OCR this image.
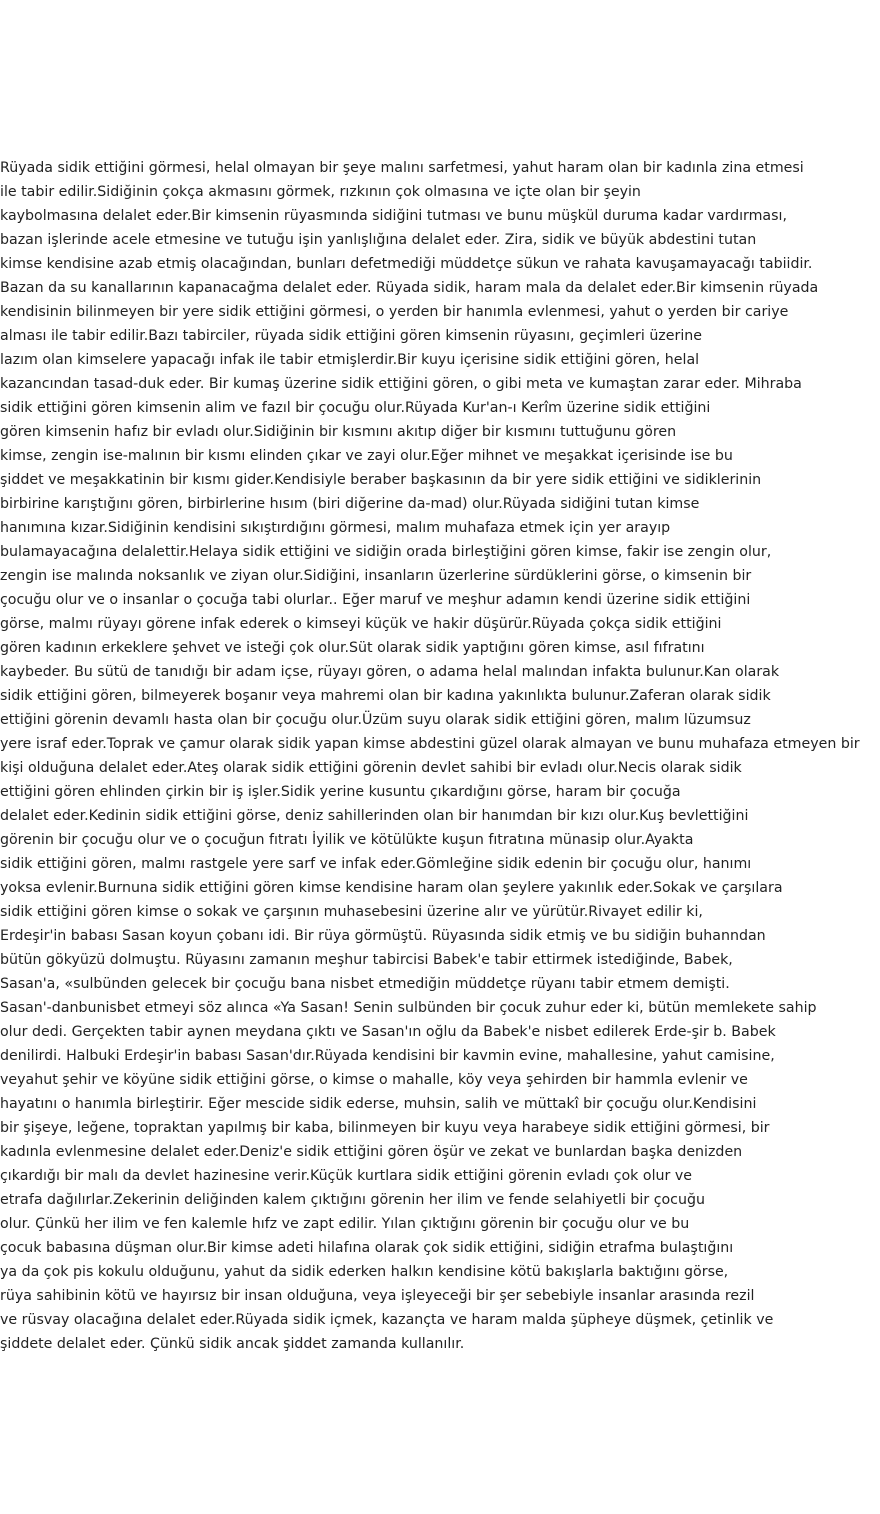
Rüyada sidik ettiğini görmesi, helal olmayan bir şeye malını sarfetmesi, yahut haram olan bir kadınla zina etmesi
ile tabir edilir.Sidiğinin çokça akmasını görmek, rızkının çok olmasına ve içte olan bir şeyin
kaybolmasına delalet eder.Bir kimsenin rüyasmında sidiğini tutması ve bunu müşkül duruma kadar vardırması,
bazan işlerinde acele etmesine ve tutuğu işin yanlışlığına delalet eder. Zira, sidik ve büyük abdestini tutan
kimse kendisine azab etmiş olacağından, bunları defetmediği müddetçe sükun ve rahata kavuşamayacağı tabiidir.
Bazan da su kanallarının kapanacağma delalet eder. Rüyada sidik, haram mala da delalet eder.Bir kimsenin rüyada
kendisinin bilinmeyen bir yere sidik ettiğini görmesi, o yerden bir hanımla evlenmesi, yahut o yerden bir cariye
alması ile tabir edilir.Bazı tabirciler, rüyada sidik ettiğini gören kimsenin rüyasını, geçimleri üzerine
lazım olan kimselere yapacağı infak ile tabir etmişlerdir.Bir kuyu içerisine sidik ettiğini gören, helal
kazancından tasad-duk eder. Bir kumaş üzerine sidik ettiğini gören, o gibi meta ve kumaştan zarar eder. Mihraba
sidik ettiğini gören kimsenin alim ve fazıl bir çocuğu olur.Rüyada Kur'an-ı Kerîm üzerine sidik ettiğini
gören kimsenin hafız bir evladı olur.Sidiğinin bir kısmını akıtıp diğer bir kısmını tuttuğunu gören
kimse, zengin ise-malının bir kısmı elinden çıkar ve zayi olur.Eğer mihnet ve meşakkat içerisinde ise bu
şiddet ve meşakkatinin bir kısmı gider.Kendisiyle beraber başkasının da bir yere sidik ettiğini ve sidiklerinin
birbirine karıştığını gören, birbirlerine hısım (biri diğerine da-mad) olur.Rüyada sidiğini tutan kimse
hanımına kızar.Sidiğinin kendisini sıkıştırdığını görmesi, malım muhafaza etmek için yer arayıp
bulamayacağına delalettir.Helaya sidik ettiğini ve sidiğin orada birleştiğini gören kimse, fakir ise zengin olur,
zengin ise malında noksanlık ve ziyan olur.Sidiğini, insanların üzerlerine sürdüklerini görse, o kimsenin bir
çocuğu olur ve o insanlar o çocuğa tabi olurlar.. Eğer maruf ve meşhur adamın kendi üzerine sidik ettiğini
görse, malmı rüyayı görene infak ederek o kimseyi küçük ve hakir düşürür.Rüyada çokça sidik ettiğini
gören kadının erkeklere şehvet ve isteği çok olur.Süt olarak sidik yaptığını gören kimse, asıl fıfratını
kaybeder. Bu sütü de tanıdığı bir adam içse, rüyayı gören, o adama helal malından infakta bulunur.Kan olarak
sidik ettiğini gören, bilmeyerek boşanır veya mahremi olan bir kadına yakınlıkta bulunur.Zaferan olarak sidik
ettiğini görenin devamlı hasta olan bir çocuğu olur.Üzüm suyu olarak sidik ettiğini gören, malım lüzumsuz
yere israf eder.Toprak ve çamur olarak sidik yapan kimse abdestini güzel olarak almayan ve bunu muhafaza etmeyen bir
kişi olduğuna delalet eder.Ateş olarak sidik ettiğini görenin devlet sahibi bir evladı olur.Necis olarak sidik
ettiğini gören ehlinden çirkin bir iş işler.Sidik yerine kusuntu çıkardığını görse, haram bir çocuğa
delalet eder.Kedinin sidik ettiğini görse, deniz sahillerinden olan bir hanımdan bir kızı olur.Kuş bevlettiğini
görenin bir çocuğu olur ve o çocuğun fıtratı İyilik ve kötülükte kuşun fıtratına münasip olur.Ayakta
sidik ettiğini gören, malmı rastgele yere sarf ve infak eder.Gömleğine sidik edenin bir çocuğu olur, hanımı
yoksa evlenir.Burnuna sidik ettiğini gören kimse kendisine haram olan şeylere yakınlık eder.Sokak ve çarşılara
sidik ettiğini gören kimse o sokak ve çarşının muhasebesini üzerine alır ve yürütür.Rivayet edilir ki,
Erdeşir'in babası Sasan koyun çobanı idi. Bir rüya görmüştü. Rüyasında sidik etmiş ve bu sidiğin buhanndan
bütün gökyüzü dolmuştu. Rüyasını zamanın meşhur tabircisi Babek'e tabir ettirmek istediğinde, Babek,
Sasan'a, «sulbünden gelecek bir çocuğu bana nisbet etmediğin müddetçe rüyanı tabir etmem demişti.
Sasan'-danbunisbet etmeyi söz alınca «Ya Sasan! Senin sulbünden bir çocuk zuhur eder ki, bütün memlekete sahip
olur dedi. Gerçekten tabir aynen meydana çıktı ve Sasan'ın oğlu da Babek'e nisbet edilerek Erde-şir b. Babek
denilirdi. Halbuki Erdeşir'in babası Sasan'dır.Rüyada kendisini bir kavmin evine, mahallesine, yahut camisine,
veyahut şehir ve köyüne sidik ettiğini görse, o kimse o mahalle, köy veya şehirden bir hammla evlenir ve
hayatını o hanımla birleştirir. Eğer mescide sidik ederse, muhsin, salih ve müttakî bir çocuğu olur.Kendisini
bir şişeye, leğene, topraktan yapılmış bir kaba, bilinmeyen bir kuyu veya harabeye sidik ettiğini görmesi, bir
kadınla evlenmesine delalet eder.Deniz'e sidik ettiğini gören öşür ve zekat ve bunlardan başka denizden
çıkardığı bir malı da devlet hazinesine verir.Küçük kurtlara sidik ettiğini görenin evladı çok olur ve
etrafa dağılırlar.Zekerinin deliğinden kalem çıktığını görenin her ilim ve fende selahiyetli bir çocuğu
olur. Çünkü her ilim ve fen kalemle hıfz ve zapt edilir. Yılan çıktığını görenin bir çocuğu olur ve bu
çocuk babasına düşman olur.Bir kimse adeti hilafına olarak çok sidik ettiğini, sidiğin etrafma bulaştığını
ya da çok pis kokulu olduğunu, yahut da sidik ederken halkın kendisine kötü bakışlarla baktığını görse,
rüya sahibinin kötü ve hayırsız bir insan olduğuna, veya işleyeceği bir şer sebebiyle insanlar arasında rezil
ve rüsvay olacağına delalet eder.Rüyada sidik içmek, kazançta ve haram malda şüpheye düşmek, çetinlik ve
şiddete delalet eder. Çünkü sidik ancak şiddet zamanda kullanılır.
